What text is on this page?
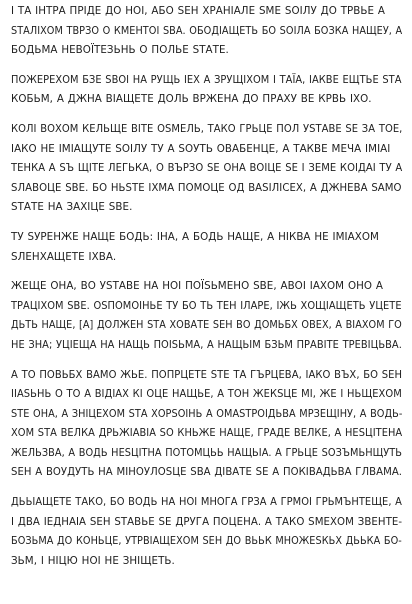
І ТА ІНТРА ПРІДЕ ДО НОІ, АБО ЅЕН ХРАНІАЛЕ ЅМЕ ЅОІЛУ ДО ТРВЬЕ А
ЅТАЛІХОМ ТВРЗО О КМЕНТОІ ЅВА. ОБОДІАЩЕТЬ БО ЅОІЛА БОЗКА НАЩЕУ, А
БОДЬМА НЕВОЇТЕЗЬНЬ О ПОЛЬЕ ЅТАТЕ.
ПОЖЕРЕХОМ БЗЕ ЅВОІ НА РУЩЬ ІЕХ А ЗРУЩІХОМ І ТАЇА, ІАКВЕ ЕЩТЬЕ ЅТА
КОБЬМ, А ДЖНА ВІАЩЕТЕ ДОЛЬ ВРЖЕНА ДО ПРАХУ ВЕ КРВЬ ІХО.
КОЛІ ВОХОМ КЕЛЬЩЕ ВІТЕ ОЅМЕЛЬ, ТАКО ГРЬЦЕ ПОЛ УЅТАВЕ ЅЕ ЗА ТОЕ,
ІАКО НЕ ІМІАЩУТЕ ЅОІЛУ ТУ А ЅОУТЬ ОВАБЕНЦЕ, А ТАКВЕ МЕЧА ІМІАІ
ТЕНКА А ЅЪ ЩІТЕ ЛЕГЬКА, О ВЪРЗО ЅЕ ОНА ВОІЦЕ ЅЕ І ЗЕМЕ КОІДАІ ТУ А
ЅЛАВОЦЕ ЅВЕ. БО НЬЅТЕ ІХМА ПОМОЦЕ ОД ВАЅІЛІСЕХ, А ДЖНЕВА ЅАМО
ЅТАТЕ НА ЗАХІЦЕ ЅВЕ.
ТУ ЅУРЕНЖЕ НАЩЕ БОДЬ: ІНА, А БОДЬ НАЩЕ, А НІКВА НЕ ІМІАХОМ
ЅЛЕНХАЩЕТЕ ІХВА.
ЖЕЩЕ ОНА, ВО УЅТАВЕ НА НОІ ПОЇЅЬМЕНО ЅВЕ, АВОІ ІАХОМ ОНО А
ТРАЦІХОМ ЅВЕ. ОЅПОМОІНЬЕ ТУ БО ТЬ ТЕН ІЛАРЕ, ІЖЬ ХОЩІАЩЕТЬ УЦЕТЕ
ДЬТЬ НАЩЕ, [А] ДОЛЖЕН ЅТА ХОВАТЕ ЅЕН ВО ДОМЬБХ ОВЕХ, А ВІАХОМ ГО
НЕ ЗНА; УЦІЕЩА НА НАЩЬ ПОІЅЬМА, А НАЩЬІМ БЗЬМ ПРАВІТЕ ТРЕВІЦЬВА.
А ТО ПОВЬБХ ВАМО ЖЬЕ. ПОПРЦЕТЕ ЅТЕ ТА ГЪРЦЕВА, ІАКО ВЪХ, БО ЅЕН
ІІАЅЬНЬ О ТО А ВІДІАХ КІ ОЦЕ НАЩЬЕ, А ТОН ЖЕКЅЦЕ МІ, ЖЕ І НЬЩЕХОМ
ЅТЕ ОНА, А ЗНІЦЕХОМ ЅТА ХОРЅОІНЬ А ОМАЅТРОІДЬВА МРЗЕЩІНУ, А ВОДЬ-
ХОМ ЅТА ВЕЛКА ДРЬЖІАВІА ЅО КНЬЖЕ НАЩЕ, ГРАДЕ ВЕЛКЕ, А НЕЅЦІТЕНА
ЖЕЛЬЗВА, А ВОДЬ НЕЅЦІТНА ПОТОМЦЬЬ НАЩЬІА. А ГРЬЦЕ ЅОЗЪМЬНЩУТЬ
ЅЕН А ВОУДУТЬ НА МІНОУЛОЅЦЕ ЅВА ДІВАТЕ ЅЕ А ПОКІВАДЬВА ГЛВАМА.
ДЬЬІАЩЕТЕ ТАКО, БО ВОДЬ НА НОІ МНОГА ГРЗА А ГРМОІ ГРЬМЪНТЕЩЕ, А
І ДВА ІЕДНАІА ЅЕН ЅТАВЬЕ ЅЕ ДРУГА ПОЦЕНА. А ТАКО ЅМЕХОМ ЗВЕНТЕ-
БОЗЬМА ДО КОНЬЦЕ, УТРВІАЩЕХОМ ЅЕН ДО ВЬЬК МНОЖЕЅКЬХ ДЬЬКА БО-
ЗЬМ, І НІЦЮ НОІ НЕ ЗНІЩЕТЬ.
